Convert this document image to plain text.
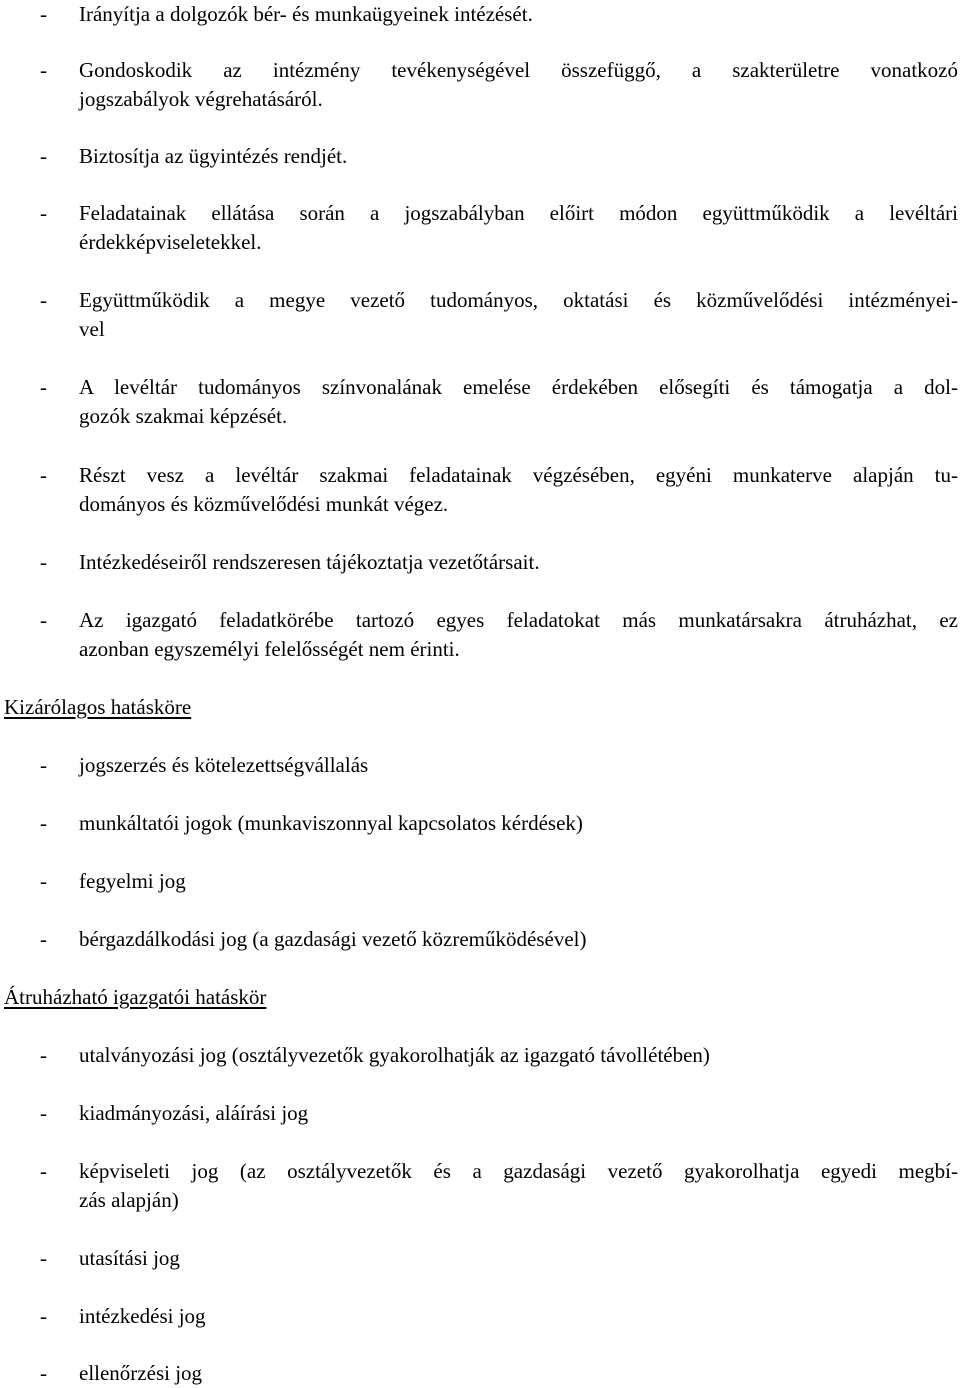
- Irányítja a dolgozók bér- és munkaügyeinek intézését.
- Gondoskodik az intézmény tevékenységével összefüggő, a szakterületre vonatkozó
jogszabályok végrehatásáról.
- Biztosítja az ügyintézés rendjét.
- Feladatainak ellátása során a jogszabályban előirt módon együttműködik a levéltári
érdekképviseletekkel.
- Együttműködik a megye vezető tudományos, oktatási és közművelődési intézményei-
vel
- A levéltár tudományos színvonalának emelése érdekében elősegíti és támogatja a dol-
gozók szakmai képzését.
- Részt vesz a levéltár szakmai feladatainak végzésében, egyéni munkaterve alapján tu-
dományos és közművelődési munkát végez.
- Intézkedéseiről rendszeresen tájékoztatja vezetőtársait.
- Az igazgató feladatkörébe tartozó egyes feladatokat más munkatársakra átruházhat, ez
azonban egyszemélyi felelősségét nem érinti.
Kizárólagos hatásköre
- jogszerzés és kötelezettségvállalás
- munkáltatói jogok (munkaviszonnyal kapcsolatos kérdések)
- fegyelmi jog
- bérgazdálkodási jog (a gazdasági vezető közreműködésével)
Átruházható igazgatói hatáskör
- utalványozási jog (osztályvezetők gyakorolhatják az igazgató távollétében)
- kiadmányozási, aláírási jog
- képviseleti jog (az osztályvezetők és a gazdasági vezető gyakorolhatja egyedi megbí-
zás alapján)
- utasítási jog
- intézkedési jog
- ellenőrzési jog
